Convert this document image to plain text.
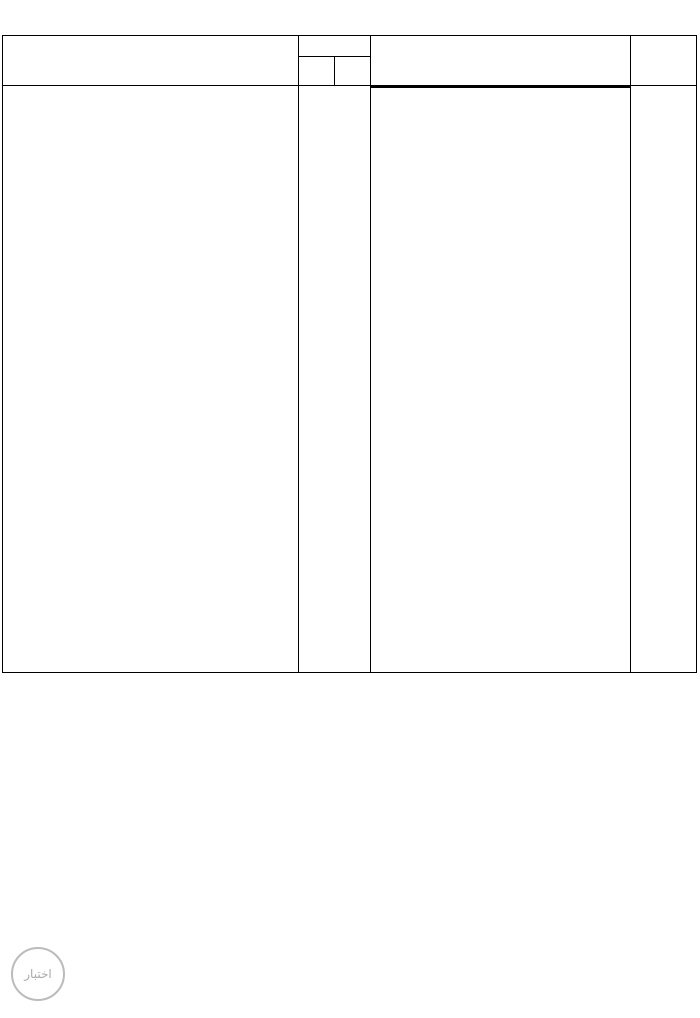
اختبار
